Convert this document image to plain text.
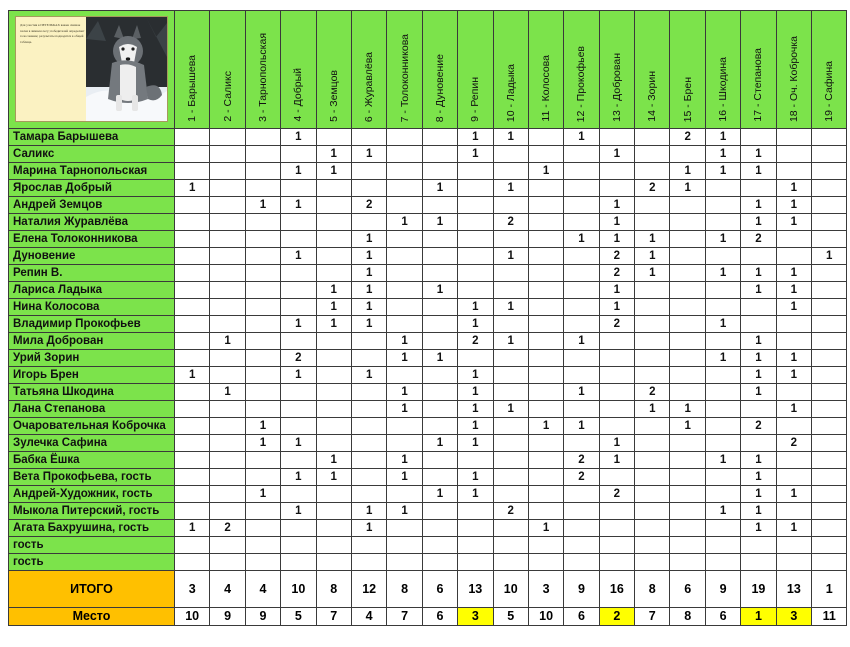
Для участия в ПЕТЕЛЬКАХ важен снимок хаски в зимнем лесу; победителей определяет голосование; результаты подводятся в общей таблице.	1 - Барышева	2 - Саликс	3 - Тарнопольская	4 - Добрый	5 - Земцов	6 - Журавлёва	7 - Толоконникова	8 - Дуновение	9 - Репин	10 - Ладыка	11 - Колосова	12 - Прокофьев	13 - Доброван	14 - Зорин	15 - Брен	16 - Шкодина	17 - Степанова	18 - Оч. Коброчка	19 - Сафина

Тамара Барышева				1					1	1		1			2	1			
Саликс					1	1			1				1			1	1		
Марина Тарнопольская				1	1						1				1	1	1		
Ярослав Добрый	1							1		1				2	1			1	
Андрей Земцов			1	1		2							1				1	1	
Наталия Журавлёва							1	1		2			1				1	1	
Елена Толоконникова						1						1	1	1		1	2		
Дуновение				1		1				1			2	1					1
Репин В.						1							2	1		1	1	1	
Лариса Ладыка					1	1		1					1				1	1	
Нина Колосова					1	1			1	1			1					1	
Владимир Прокофьев				1	1	1			1				2			1			
Мила Доброван		1					1		2	1		1					1		
Урий Зорин				2			1	1								1	1	1	
Игорь Брен	1			1		1			1								1	1	
Татьяна Шкодина		1					1		1			1		2			1		
Лана Степанова							1		1	1				1	1			1	
Очаровательная Коброчка			1						1		1	1			1		2		
Зулечка Сафина			1	1				1	1				1					2	
Бабка Ёшка					1		1					2	1			1	1		
Вета Прокофьева, гость				1	1		1		1			2					1		
Андрей-Художник, гость			1					1	1				2				1	1	
Мыкола Питерский, гость				1		1	1			2						1	1		
Агата Бахрушина, гость	1	2				1					1						1	1	
гость																			
гость																			
ИТОГО	3	4	4	10	8	12	8	6	13	10	3	9	16	8	6	9	19	13	1
Место	10	9	9	5	7	4	7	6	3	5	10	6	2	7	8	6	1	3	11
